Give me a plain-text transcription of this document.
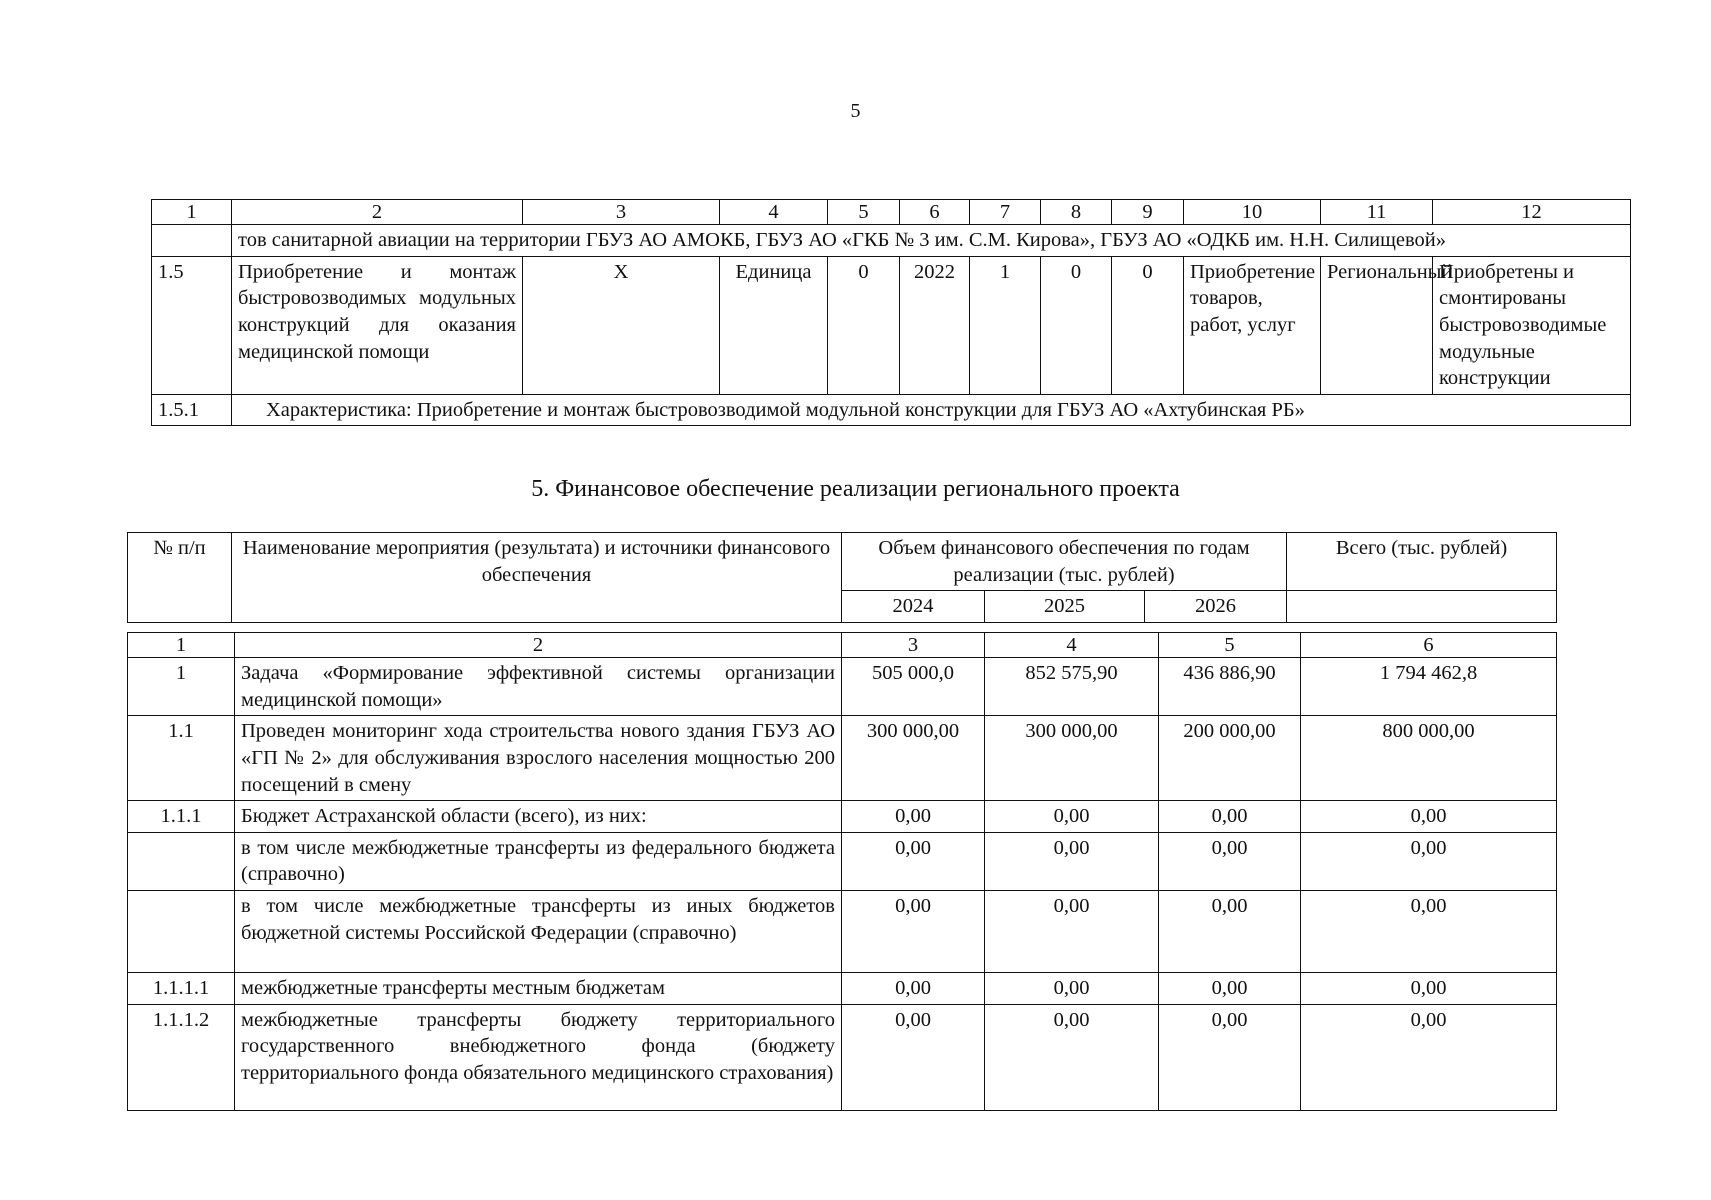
5
1	2	3	4	5	6	7	8	9	10	11	12
	тов санитарной авиации на территории ГБУЗ АО АМОКБ, ГБУЗ АО «ГКБ № 3 им. С.М. Кирова», ГБУЗ АО «ОДКБ им. Н.Н. Силищевой»										
1.5	Приобретение и монтаж быстровозводимых модульных конструкций для оказания медицинской помощи	Х	Единица	0	2022	1	0	0	Приобретение товаров, работ, услуг	Региональный	Приобретены и смонтированы быстровозводимые модульные конструкции
1.5.1	Характеристика: Приобретение и монтаж быстровозводимой модульной конструкции для ГБУЗ АО «Ахтубинская РБ»										
5. Финансовое обеспечение реализации регионального проекта
№ п/п	Наименование мероприятия (результата) и источники финансового обеспечения	Объем финансового обеспечения по годам реализации (тыс. рублей)			Всего (тыс. рублей)
		2024	2025	2026	
1	2	3	4	5	6
1	Задача «Формирование эффективной системы организации медицинской помощи»	505 000,0	852 575,90	436 886,90	1 794 462,8
1.1	Проведен мониторинг хода строительства нового здания ГБУЗ АО «ГП № 2» для обслуживания взрослого населения мощностью 200 посещений в смену	300 000,00	300 000,00	200 000,00	800 000,00
1.1.1	Бюджет Астраханской области (всего), из них:	0,00	0,00	0,00	0,00
	в том числе межбюджетные трансферты из федерального бюджета (справочно)	0,00	0,00	0,00	0,00
	в том числе межбюджетные трансферты из иных бюджетов бюджетной системы Российской Федерации (справочно)	0,00	0,00	0,00	0,00
1.1.1.1	межбюджетные трансферты местным бюджетам	0,00	0,00	0,00	0,00
1.1.1.2	межбюджетные трансферты бюджету территориального государственного внебюджетного фонда (бюджету территориального фонда обязательного медицинского страхования)	0,00	0,00	0,00	0,00
